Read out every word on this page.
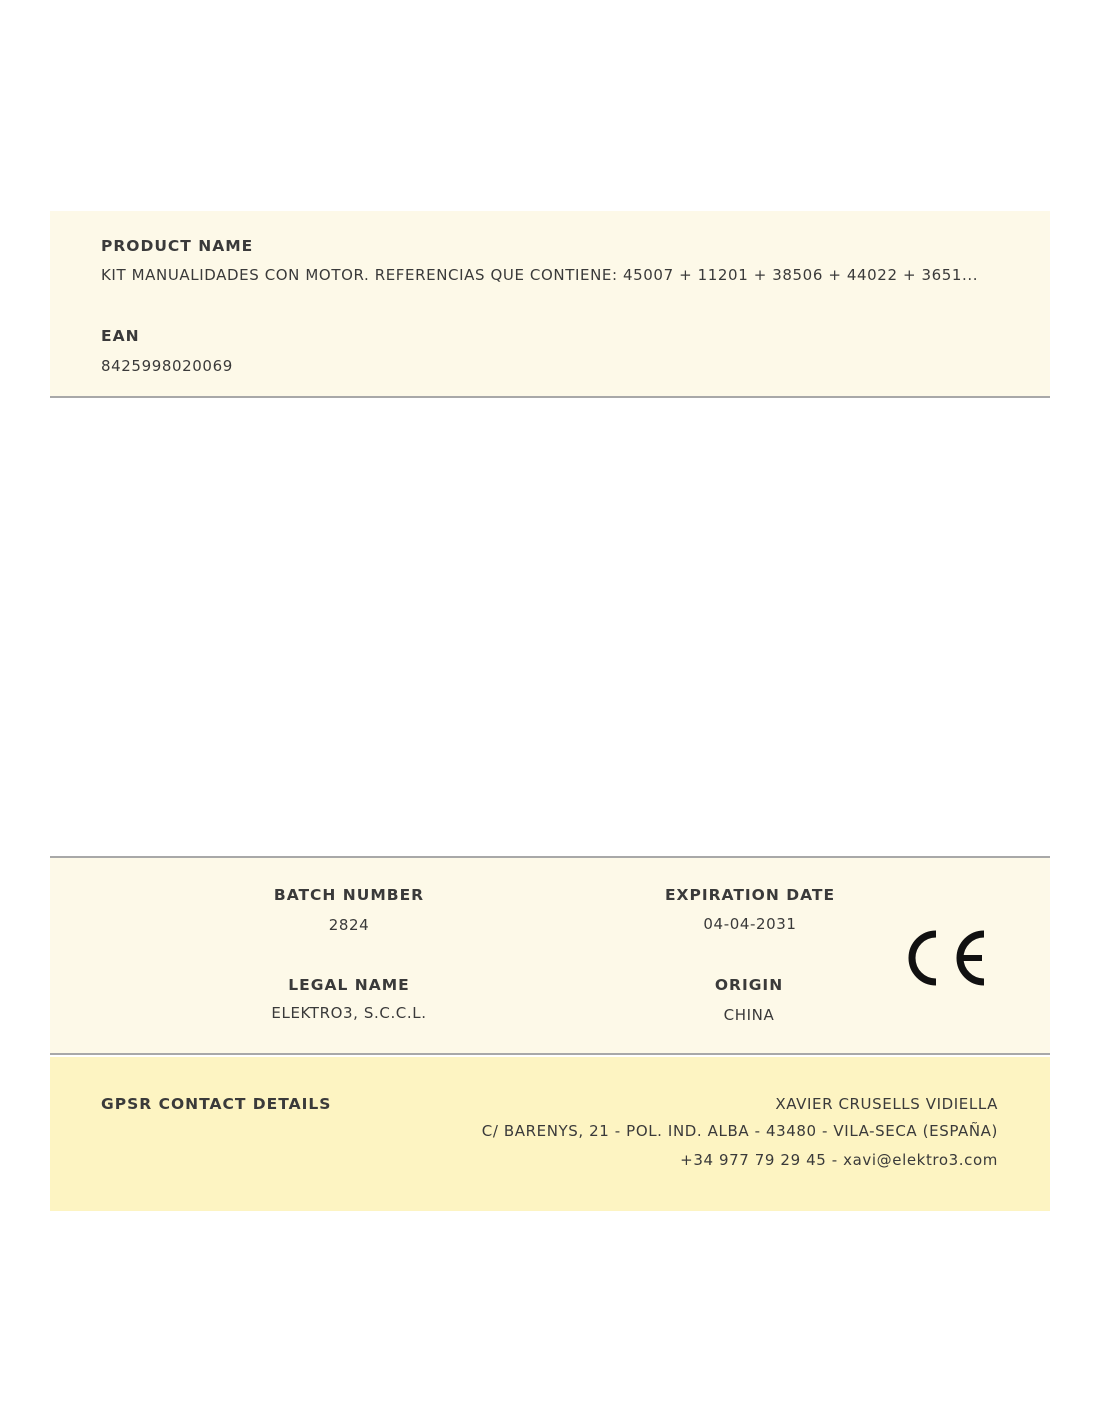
PRODUCT NAME
KIT MANUALIDADES CON MOTOR. REFERENCIAS QUE CONTIENE: 45007 + 11201 + 38506 + 44022 + 3651...
EAN
8425998020069
BATCH NUMBER
2824
EXPIRATION DATE
04-04-2031
LEGAL NAME
ELEKTRO3, S.C.C.L.
ORIGIN
CHINA
GPSR CONTACT DETAILS	XAVIER CRUSELLS VIDIELLA
C/ BARENYS, 21 - POL. IND. ALBA - 43480 - VILA-SECA (ESPAÑA)
+34 977 79 29 45 - xavi@elektro3.com
